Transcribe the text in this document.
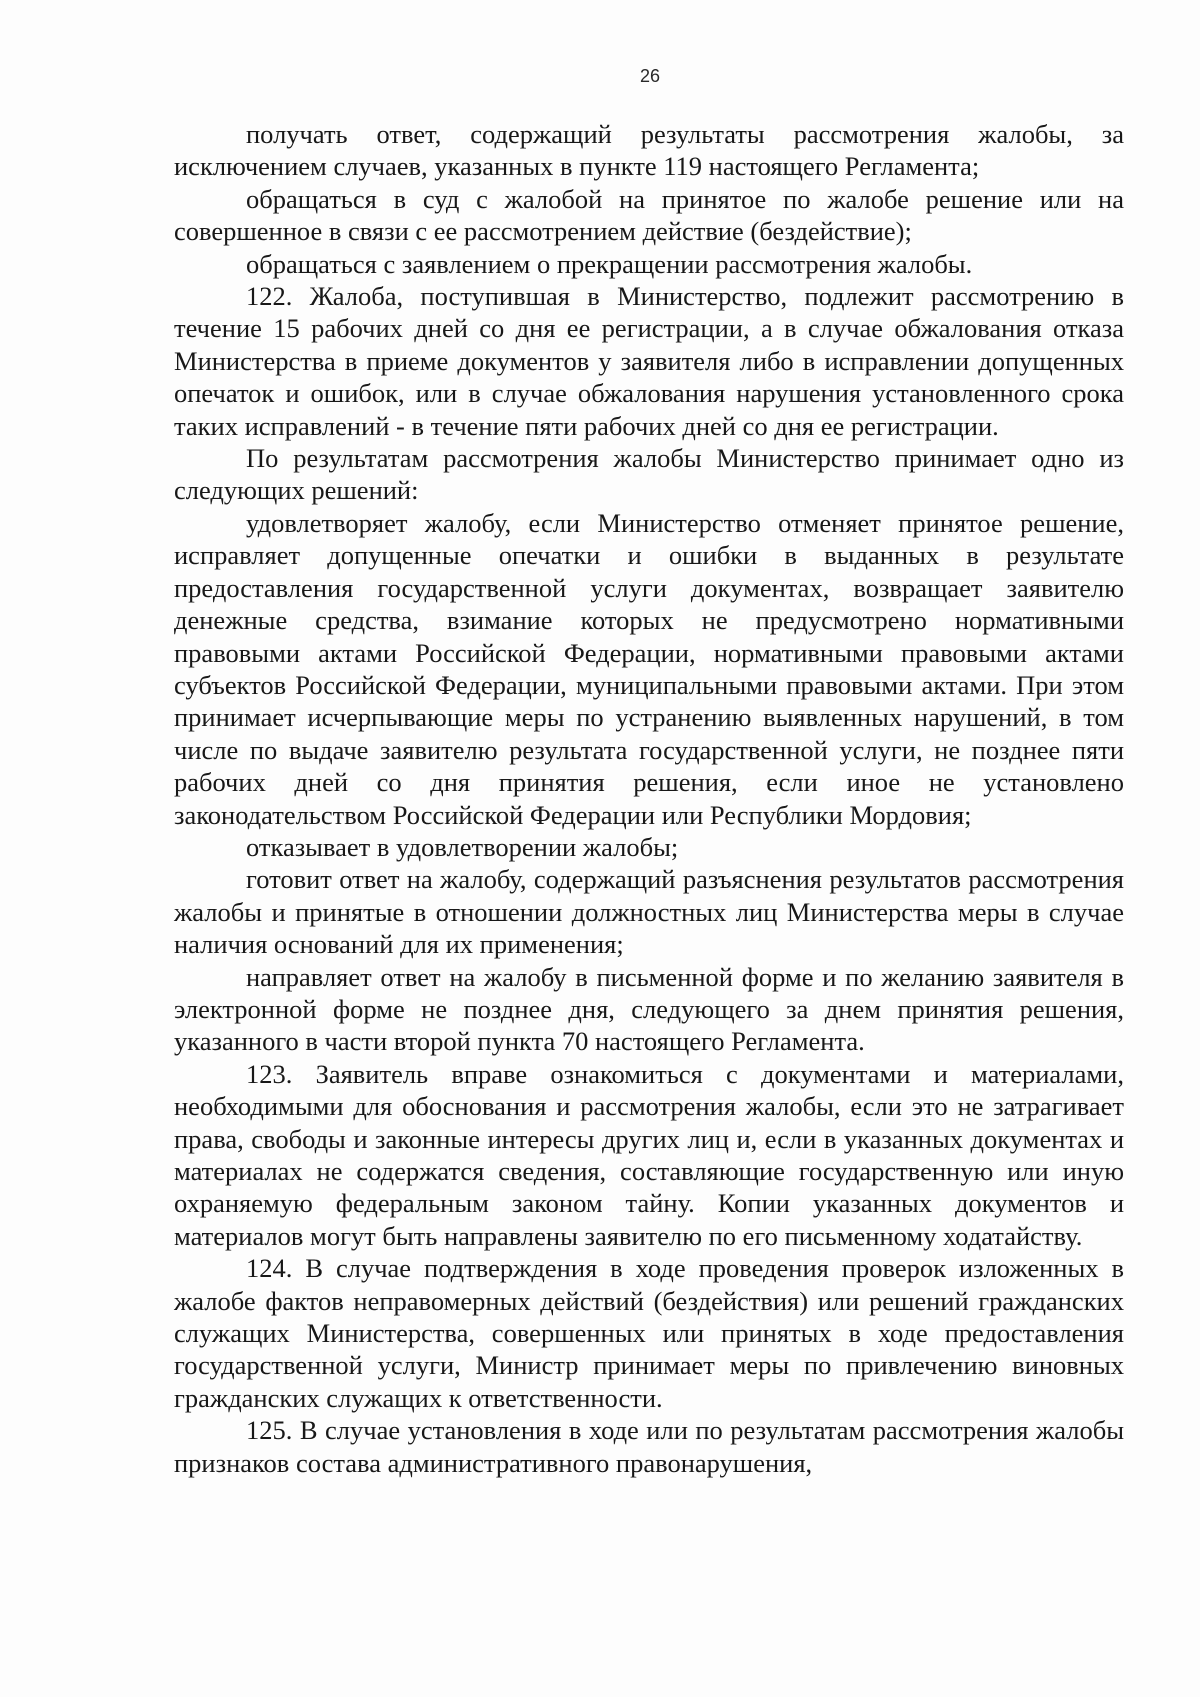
26

получать ответ, содержащий результаты рассмотрения жалобы, за исключением случаев, указанных в пункте 119 настоящего Регламента;

обращаться в суд с жалобой на принятое по жалобе решение или на совершенное в связи с ее рассмотрением действие (бездействие);

обращаться с заявлением о прекращении рассмотрения жалобы.

122. Жалоба, поступившая в Министерство, подлежит рассмотрению в течение 15 рабочих дней со дня ее регистрации, а в случае обжалования отказа Министерства в приеме документов у заявителя либо в исправлении допущенных опечаток и ошибок, или в случае обжалования нарушения установленного срока таких исправлений - в течение пяти рабочих дней со дня ее регистрации.

По результатам рассмотрения жалобы Министерство принимает одно из следующих решений:

удовлетворяет жалобу, если Министерство отменяет принятое решение, исправляет допущенные опечатки и ошибки в выданных в результате предоставления государственной услуги документах, возвращает заявителю денежные средства, взимание которых не предусмотрено нормативными правовыми актами Российской Федерации, нормативными правовыми актами субъектов Российской Федерации, муниципальными правовыми актами. При этом принимает исчерпывающие меры по устранению выявленных нарушений, в том числе по выдаче заявителю результата государственной услуги, не позднее пяти рабочих дней со дня принятия решения, если иное не установлено законодательством Российской Федерации или Республики Мордовия;

отказывает в удовлетворении жалобы;

готовит ответ на жалобу, содержащий разъяснения результатов рассмотрения жалобы и принятые в отношении должностных лиц Министерства меры в случае наличия оснований для их применения;

направляет ответ на жалобу в письменной форме и по желанию заявителя в электронной форме не позднее дня, следующего за днем принятия решения, указанного в части второй пункта 70 настоящего Регламента.

123. Заявитель вправе ознакомиться с документами и материалами, необходимыми для обоснования и рассмотрения жалобы, если это не затрагивает права, свободы и законные интересы других лиц и, если в указанных документах и материалах не содержатся сведения, составляющие государственную или иную охраняемую федеральным законом тайну. Копии указанных документов и материалов могут быть направлены заявителю по его письменному ходатайству.

124. В случае подтверждения в ходе проведения проверок изложенных в жалобе фактов неправомерных действий (бездействия) или решений гражданских служащих Министерства, совершенных или принятых в ходе предоставления государственной услуги, Министр принимает меры по привлечению виновных гражданских служащих к ответственности.

125. В случае установления в ходе или по результатам рассмотрения жалобы признаков состава административного правонарушения,
